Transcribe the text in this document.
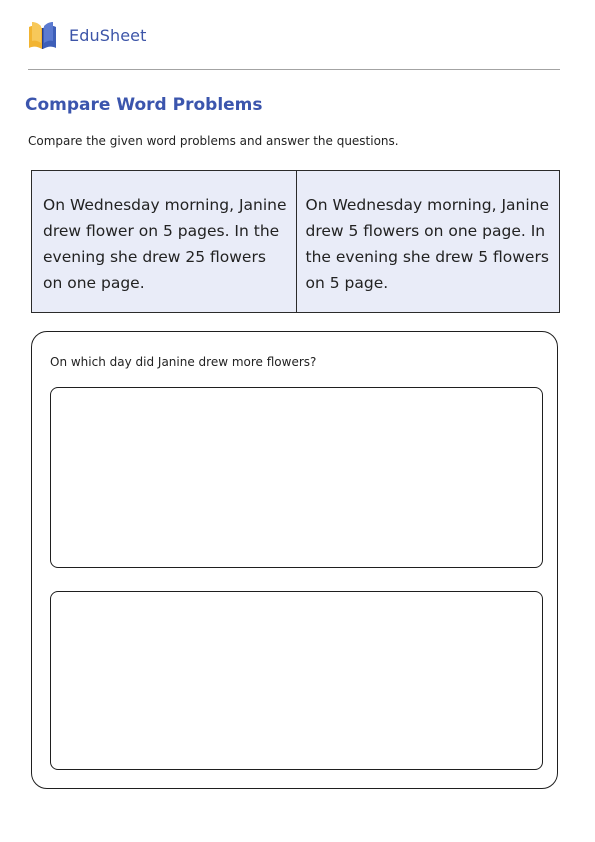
EduSheet
Compare Word Problems

Compare the given word problems and answer the questions.

On Wednesday morning, Janine drew flower on 5 pages. In the evening she drew 25 flowers on one page.
On Wednesday morning, Janine drew 5 flowers on one page. In the evening she drew 5 flowers on 5 page.

On which day did Janine drew more flowers?
